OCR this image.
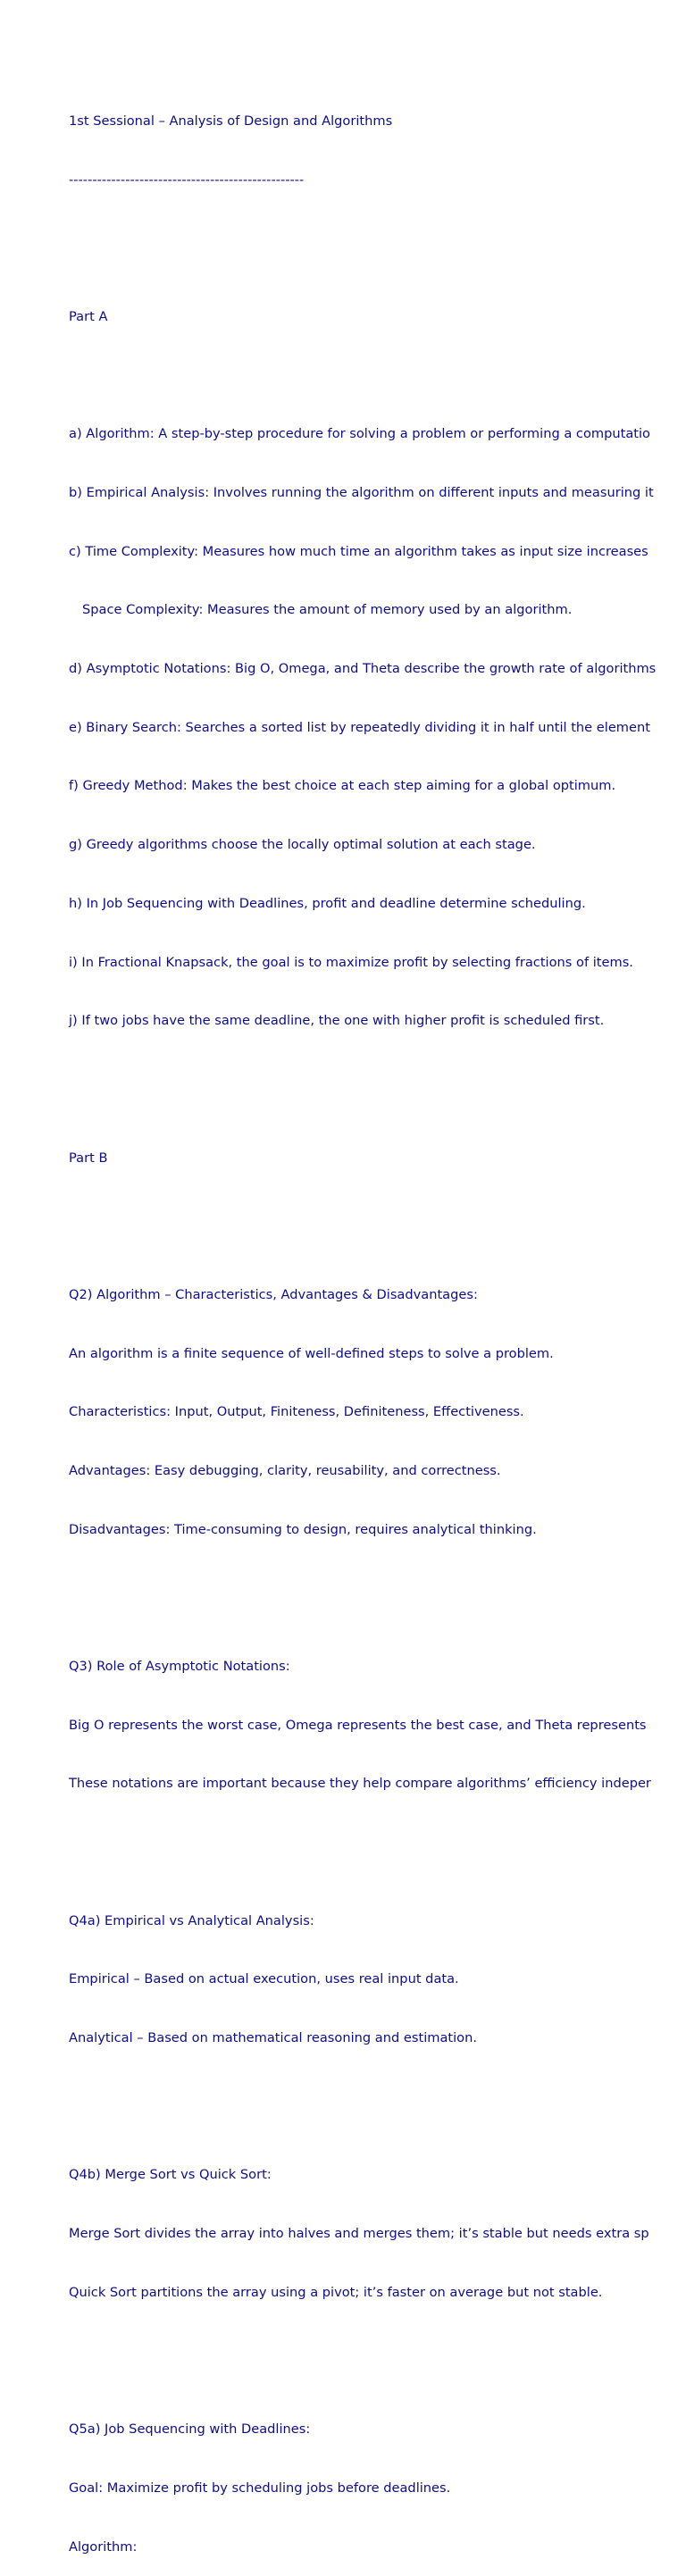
1st Sessional – Analysis of Design and Algorithms

--------------------------------------------------

Part A

a) Algorithm: A step-by-step procedure for solving a problem or performing a computatio

b) Empirical Analysis: Involves running the algorithm on different inputs and measuring it

c) Time Complexity: Measures how much time an algorithm takes as input size increases

Space Complexity: Measures the amount of memory used by an algorithm.

d) Asymptotic Notations: Big O, Omega, and Theta describe the growth rate of algorithms

e) Binary Search: Searches a sorted list by repeatedly dividing it in half until the element

f) Greedy Method: Makes the best choice at each step aiming for a global optimum.

g) Greedy algorithms choose the locally optimal solution at each stage.

h) In Job Sequencing with Deadlines, profit and deadline determine scheduling.

i) In Fractional Knapsack, the goal is to maximize profit by selecting fractions of items.

j) If two jobs have the same deadline, the one with higher profit is scheduled first.

Part B

Q2) Algorithm – Characteristics, Advantages & Disadvantages:

An algorithm is a finite sequence of well-defined steps to solve a problem.

Characteristics: Input, Output, Finiteness, Definiteness, Effectiveness.

Advantages: Easy debugging, clarity, reusability, and correctness.

Disadvantages: Time-consuming to design, requires analytical thinking.

Q3) Role of Asymptotic Notations:

Big O represents the worst case, Omega represents the best case, and Theta represents

These notations are important because they help compare algorithms’ efficiency indeper

Q4a) Empirical vs Analytical Analysis:

Empirical – Based on actual execution, uses real input data.

Analytical – Based on mathematical reasoning and estimation.

Q4b) Merge Sort vs Quick Sort:

Merge Sort divides the array into halves and merges them; it’s stable but needs extra sp

Quick Sort partitions the array using a pivot; it’s faster on average but not stable.

Q5a) Job Sequencing with Deadlines:

Goal: Maximize profit by scheduling jobs before deadlines.

Algorithm:
